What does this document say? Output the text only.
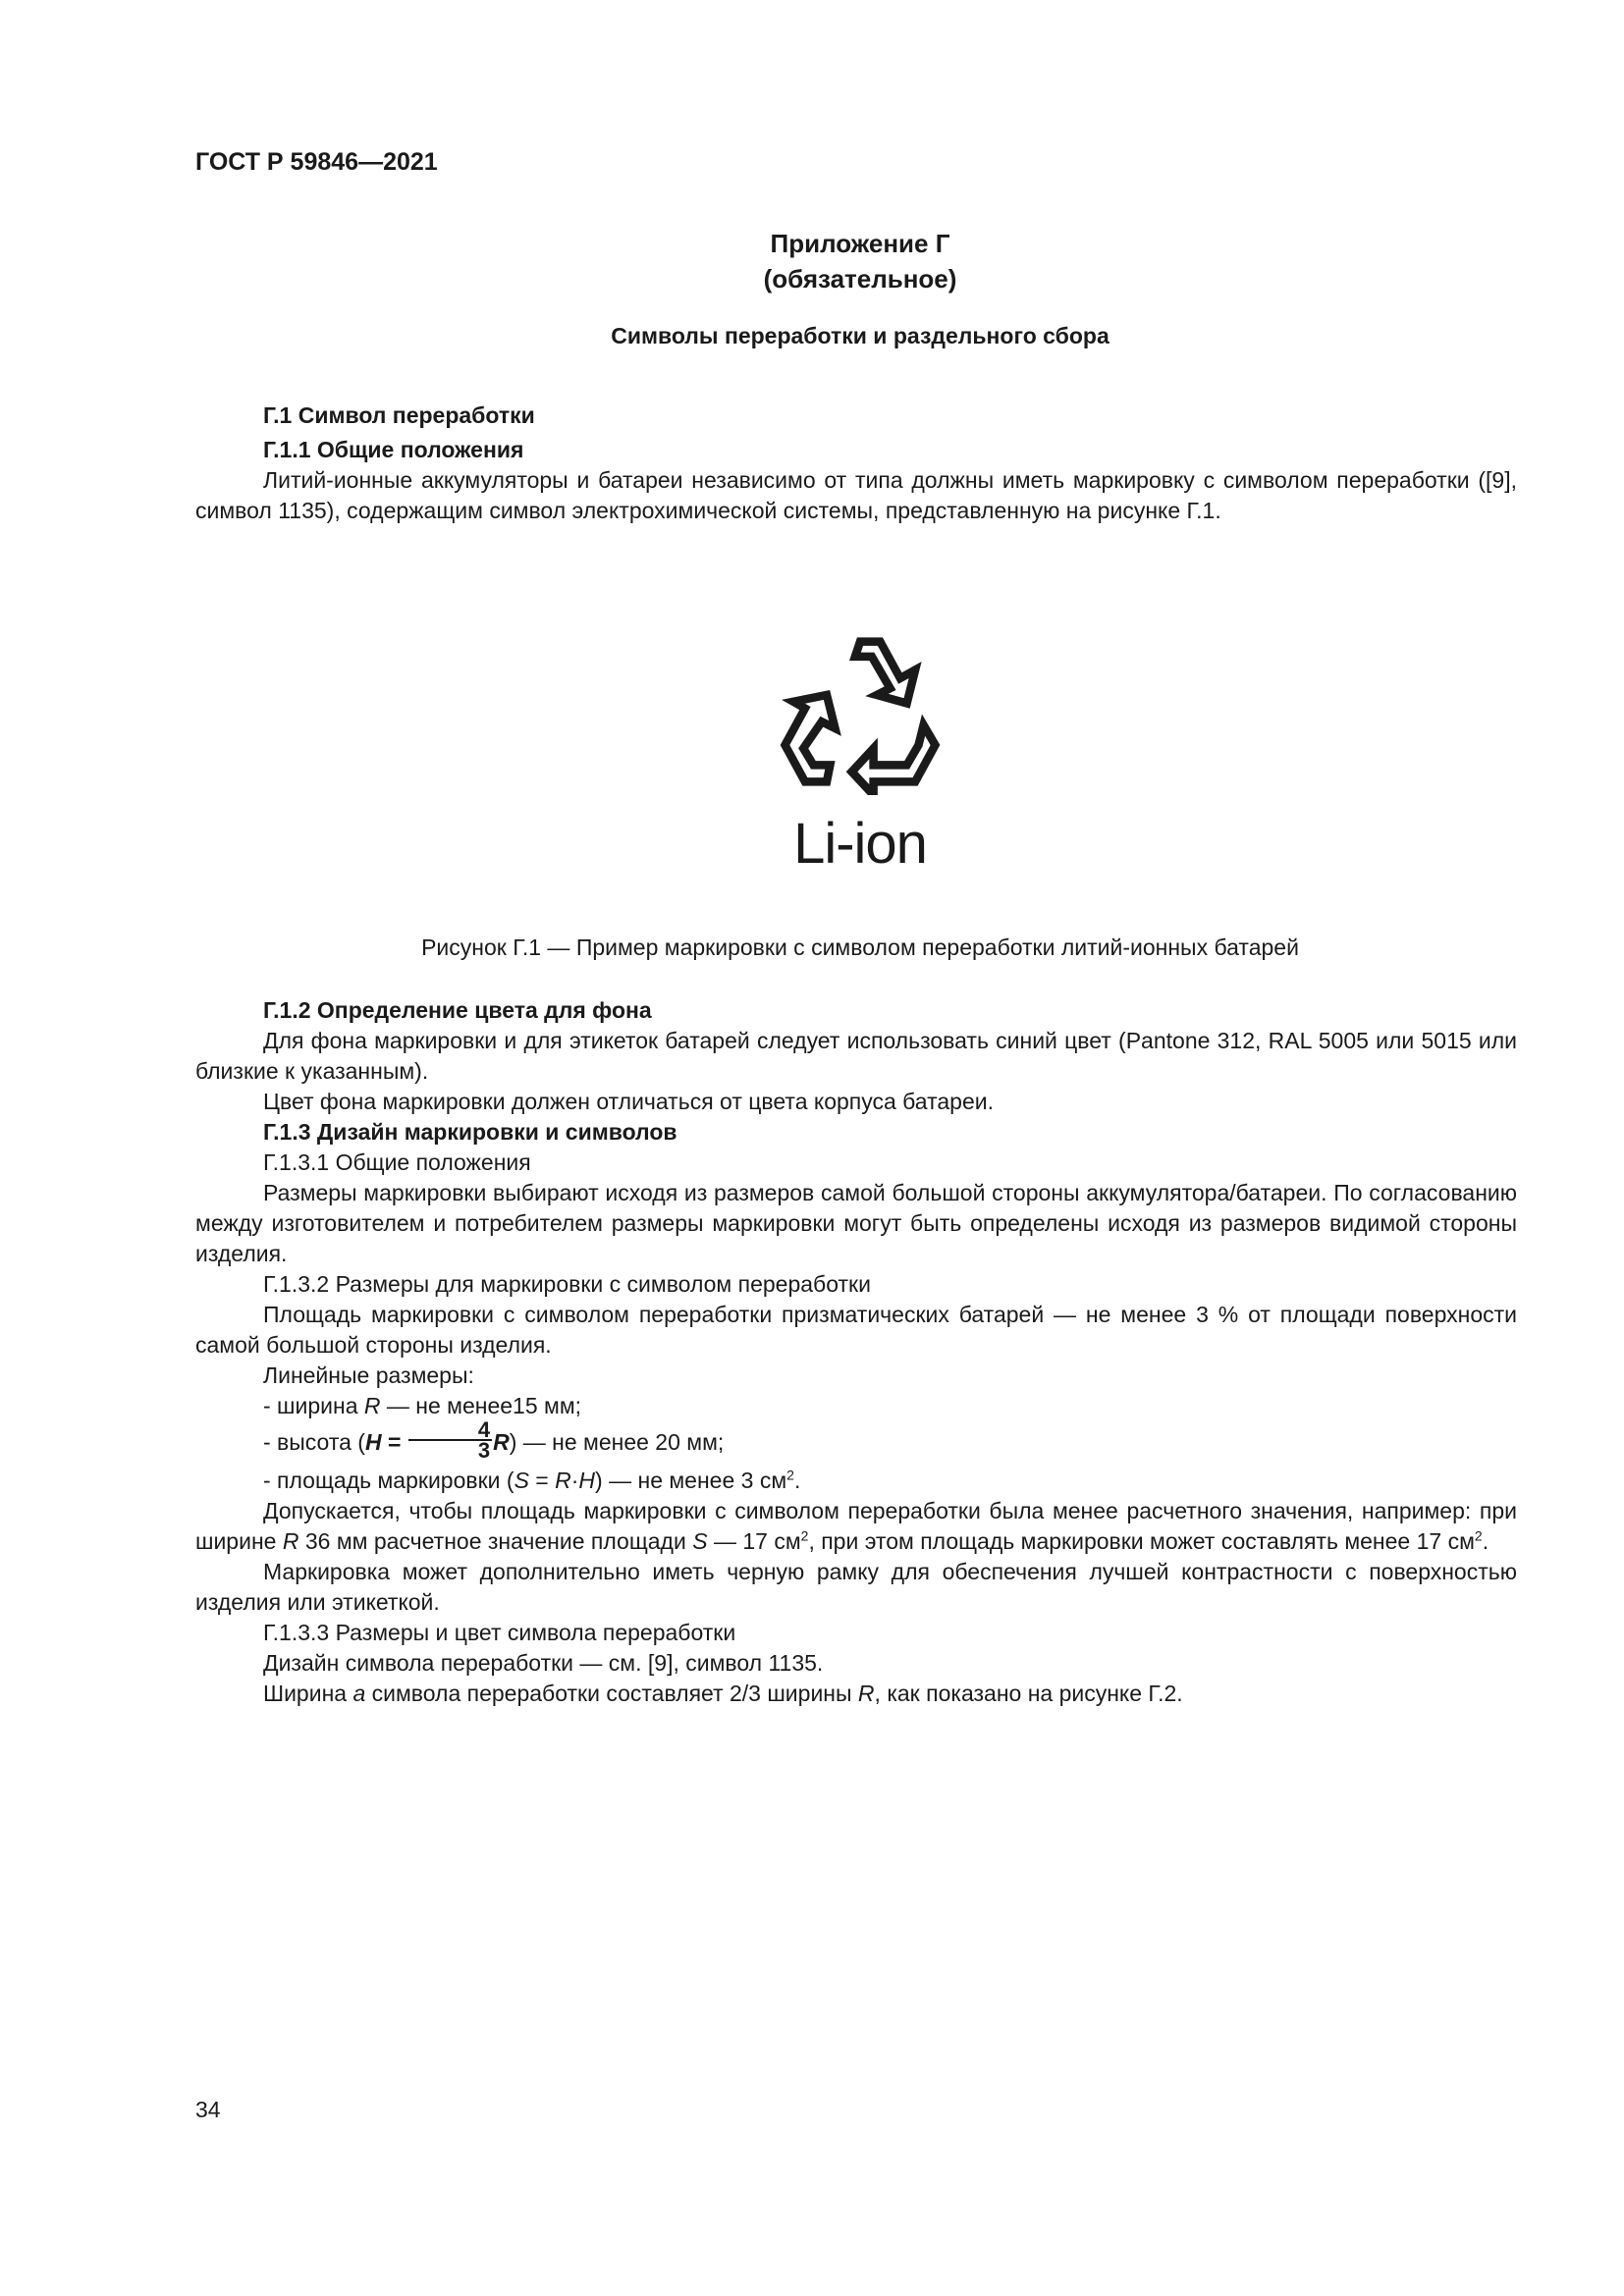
ГОСТ Р 59846—2021
Приложение Г
(обязательное)
Символы переработки и раздельного сбора

Г.1 Символ переработки

Г.1.1 Общие положения

Литий-ионные аккумуляторы и батареи независимо от типа должны иметь маркировку с символом переработки ([9], символ 1135), содержащим символ электрохимической системы, представленную на рисунке Г.1.

Li-ion
Рисунок Г.1 — Пример маркировки с символом переработки литий-ионных батарей

Г.1.2 Определение цвета для фона

Для фона маркировки и для этикеток батарей следует использовать синий цвет (Pantone 312, RAL 5005 или 5015 или близкие к указанным).

Цвет фона маркировки должен отличаться от цвета корпуса батареи.

Г.1.3 Дизайн маркировки и символов

Г.1.3.1 Общие положения

Размеры маркировки выбирают исходя из размеров самой большой стороны аккумулятора/батареи. По согласованию между изготовителем и потребителем размеры маркировки могут быть определены исходя из размеров видимой стороны изделия.

Г.1.3.2 Размеры для маркировки с символом переработки

Площадь маркировки с символом переработки призматических батарей — не менее 3 % от площади поверхности самой большой стороны изделия.

Линейные размеры:

- ширина R — не менее15 мм;

- высота $(H = \frac{4}{3} R)$ — не менее 20 мм;

- площадь маркировки (S = R·H) — не менее 3 $см^2$.

Допускается, чтобы площадь маркировки с символом переработки была менее расчетного значения, например: при ширине R 36 мм расчетное значение площади S — 17 $см^2$, при этом площадь маркировки может составлять менее 17 $см^2$.

Маркировка может дополнительно иметь черную рамку для обеспечения лучшей контрастности с поверхностью изделия или этикеткой.

Г.1.3.3 Размеры и цвет символа переработки

Дизайн символа переработки — см. [9], символ 1135.

Ширина а символа переработки составляет 2/3 ширины R, как показано на рисунке Г.2.

34
